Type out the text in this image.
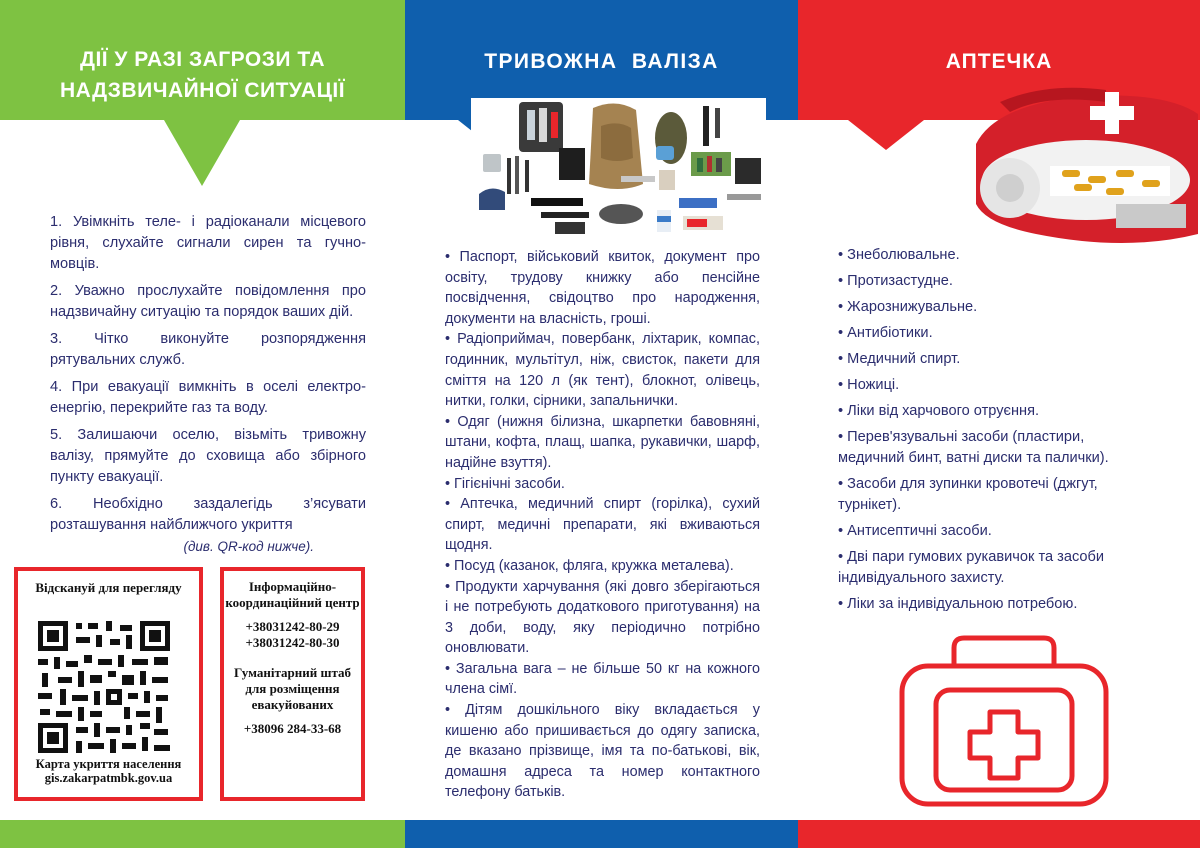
ДІЇ У РАЗІ ЗАГРОЗИ ТА
НАДЗВИЧАЙНОЇ СИТУАЦІЇ
1. Увімкніть теле- і радіоканали місцевого рівня, слухайте сигнали сирен та гучно-мовців.
2. Уважно прослухайте повідомлення про надзвичайну ситуацію та порядок ваших дій.
3. Чітко виконуйте розпорядження рятувальних служб.
4. При евакуації вимкніть в оселі електро-енергію, перекрийте газ та воду.
5. Залишаючи оселю, візьміть тривожну валізу, прямуйте до сховища або збірного пункту евакуації.
6. Необхідно заздалегідь з’ясувати розташування найближчого укриття
(див. QR-код нижче).
Відскануй для перегляду
Карта укриття населення
gis.zakarpatmbk.gov.ua
Інформаційно-координаційний центр
+38031242-80-29
+38031242-80-30
Гуманітарний штаб для розміщення евакуйованих
+38096 284-33-68
ТРИВОЖНА  ВАЛІЗА
• Паспорт, військовий квиток, документ про освіту, трудову книжку або пенсійне посвідчення, свідоцтво про народження, документи на власність, гроші.
• Радіоприймач, повербанк, ліхтарик, компас, годинник, мультітул, ніж, свисток, пакети для сміття на 120 л (як тент), блокнот, олівець, нитки, голки, сірники, запальнички.
• Одяг (нижня білизна, шкарпетки бавовняні, штани, кофта, плащ, шапка, рукавички, шарф, надійне взуття).
• Гігієнічні засоби.
• Аптечка, медичний спирт (горілка), сухий спирт, медичні препарати, які вживаються щодня.
• Посуд (казанок, фляга, кружка металева).
• Продукти харчування (які довго зберігаються і не потребують додаткового приготування) на 3 доби, воду, яку періодично потрібно оновлювати.
• Загальна вага – не більше 50 кг на кожного члена сімї.
• Дітям дошкільного віку вкладається у кишеню або пришивається до одягу записка, де вказано прізвище, імя та по-батькові, вік, домашня адреса та номер контактного телефону батьків.
АПТЕЧКА
• Знеболювальне.
• Протизастудне.
• Жарознижувальне.
• Антибіотики.
• Медичний спирт.
• Ножиці.
• Ліки від харчового отруєння.
• Перев'язувальні засоби (пластири, медичний бинт, ватні диски та палички).
• Засоби для зупинки кровотечі (джгут, турнікет).
• Антисептичні засоби.
• Дві пари гумових рукавичок та засоби індивідуального захисту.
• Ліки за індивідуальною потребою.
